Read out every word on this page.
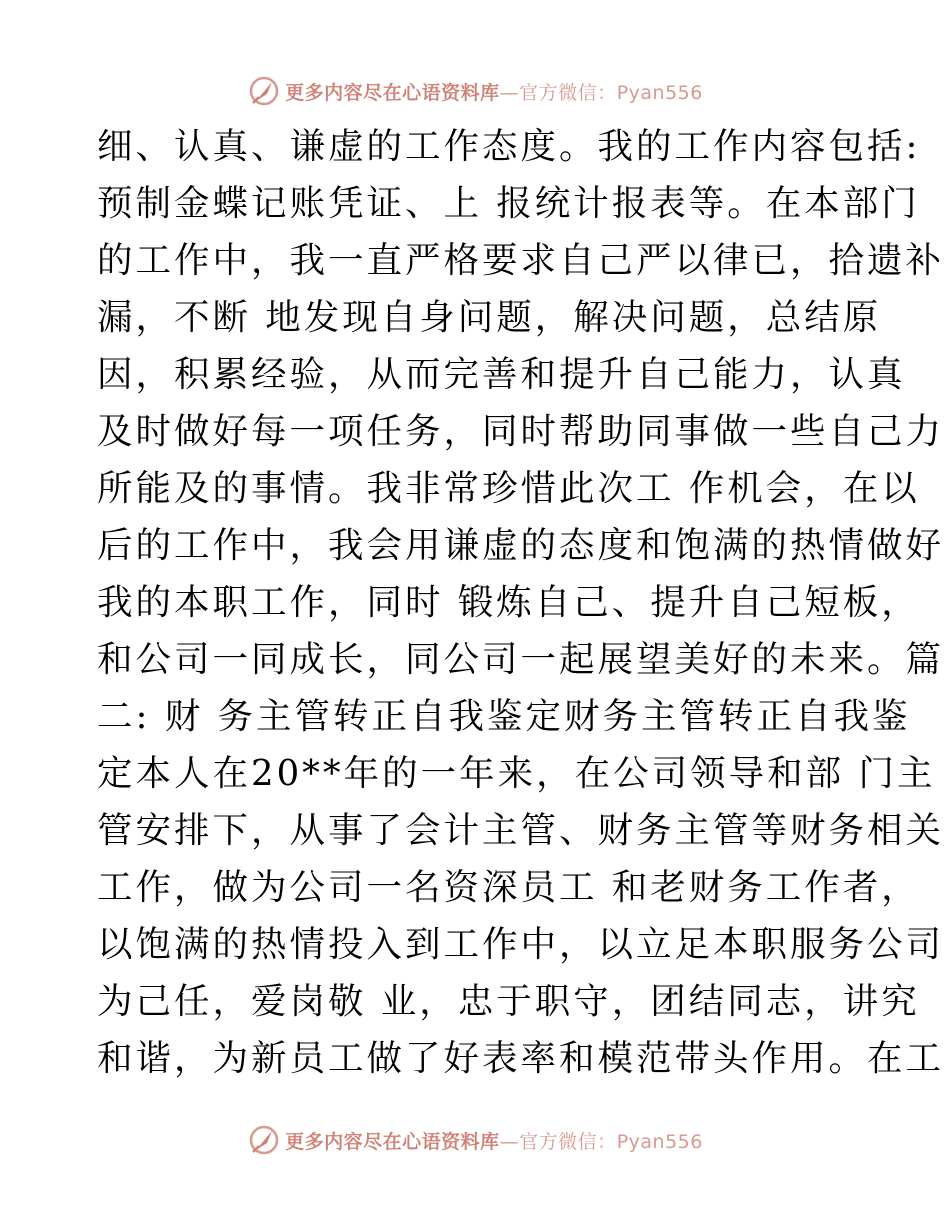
更多内容尽在心语资料库—官方微信：Pyan556
细、认真、谦虚的工作态度。我的工作内容包括:
预制金蝶记账凭证、上 报统计报表等。在本部门
的工作中，我一直严格要求自己严以律已，拾遗补
漏，不断 地发现自身问题，解决问题，总结原
因，积累经验，从而完善和提升自己能力，认真
及时做好每一项任务，同时帮助同事做一些自己力
所能及的事情。我非常珍惜此次工 作机会，在以
后的工作中，我会用谦虚的态度和饱满的热情做好
我的本职工作，同时 锻炼自己、提升自己短板，
和公司一同成长，同公司一起展望美好的未来。篇
二: 财 务主管转正自我鉴定财务主管转正自我鉴
定本人在20**年的一年来，在公司领导和部 门主
管安排下，从事了会计主管、财务主管等财务相关
工作，做为公司一名资深员工 和老财务工作者，
以饱满的热情投入到工作中，以立足本职服务公司
为己任，爱岗敬 业，忠于职守，团结同志，讲究
和谐，为新员工做了好表率和模范带头作用。在工
更多内容尽在心语资料库—官方微信：Pyan556
